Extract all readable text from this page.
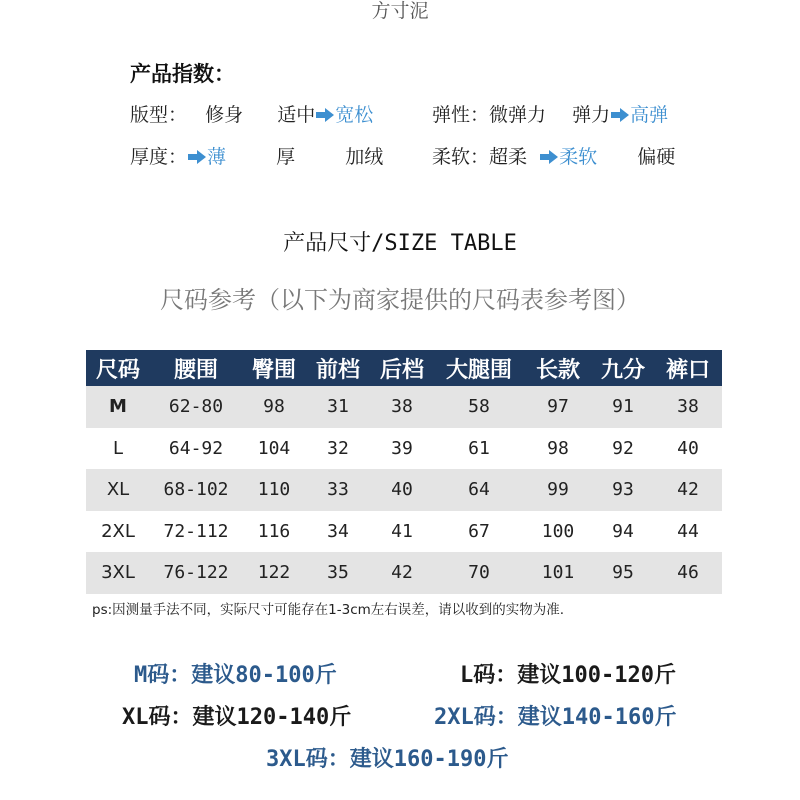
方寸泥
产品指数：
版型： 修身 适中 宽松	弹性：微弹力 弹力 高弹
厚度： 薄	厚	加绒	柔软：超柔 柔软 偏硬
产品尺寸/SIZE TABLE
尺码参考（以下为商家提供的尺码表参考图）
尺码	腰围	臀围	前档	后档	大腿围	长款	九分	裤口
M	62-80	98	31	38	58	97	91	38
L	64-92	104	32	39	61	98	92	40
XL	68-102	110	33	40	64	99	93	42
2XL	72-112	116	34	41	67	100	94	44
3XL	76-122	122	35	42	70	101	95	46
ps:因测量手法不同，实际尺寸可能存在1-3cm左右误差，请以收到的实物为准.
M码：建议80-100斤	L码：建议100-120斤
XL码：建议120-140斤	2XL码：建议140-160斤
3XL码：建议160-190斤
